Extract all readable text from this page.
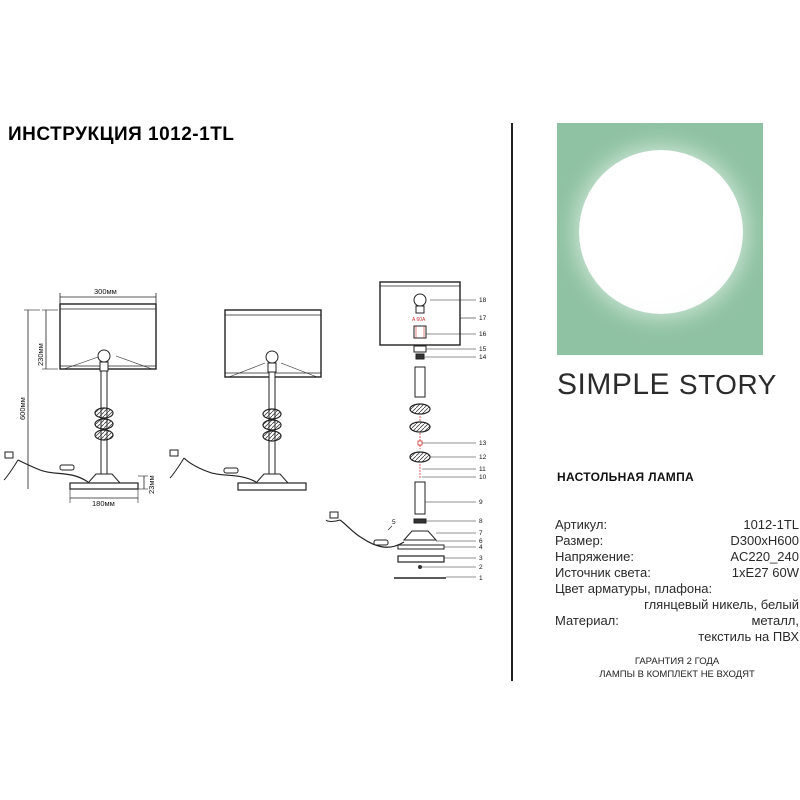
ИНСТРУКЦИЯ 1012-1TL
300мм
230мм
600мм
180мм
23мм
A 60A
18
17
16
15
14
13
12
11
10
9
8
7
6
5
4
3
2
1
SIMPLE STORY
НАСТОЛЬНАЯ ЛАМПА
Артикул:	1012-1TL
Размер:	D300хH600
Напряжение:	AC220_240
Источник света:	1хE27 60W
Цвет арматуры, плафона:
глянцевый никель, белый
Материал:	металл,
текстиль на ПВХ
ГАРАНТИЯ 2 ГОДА
ЛАМПЫ В КОМПЛЕКТ НЕ ВХОДЯТ
